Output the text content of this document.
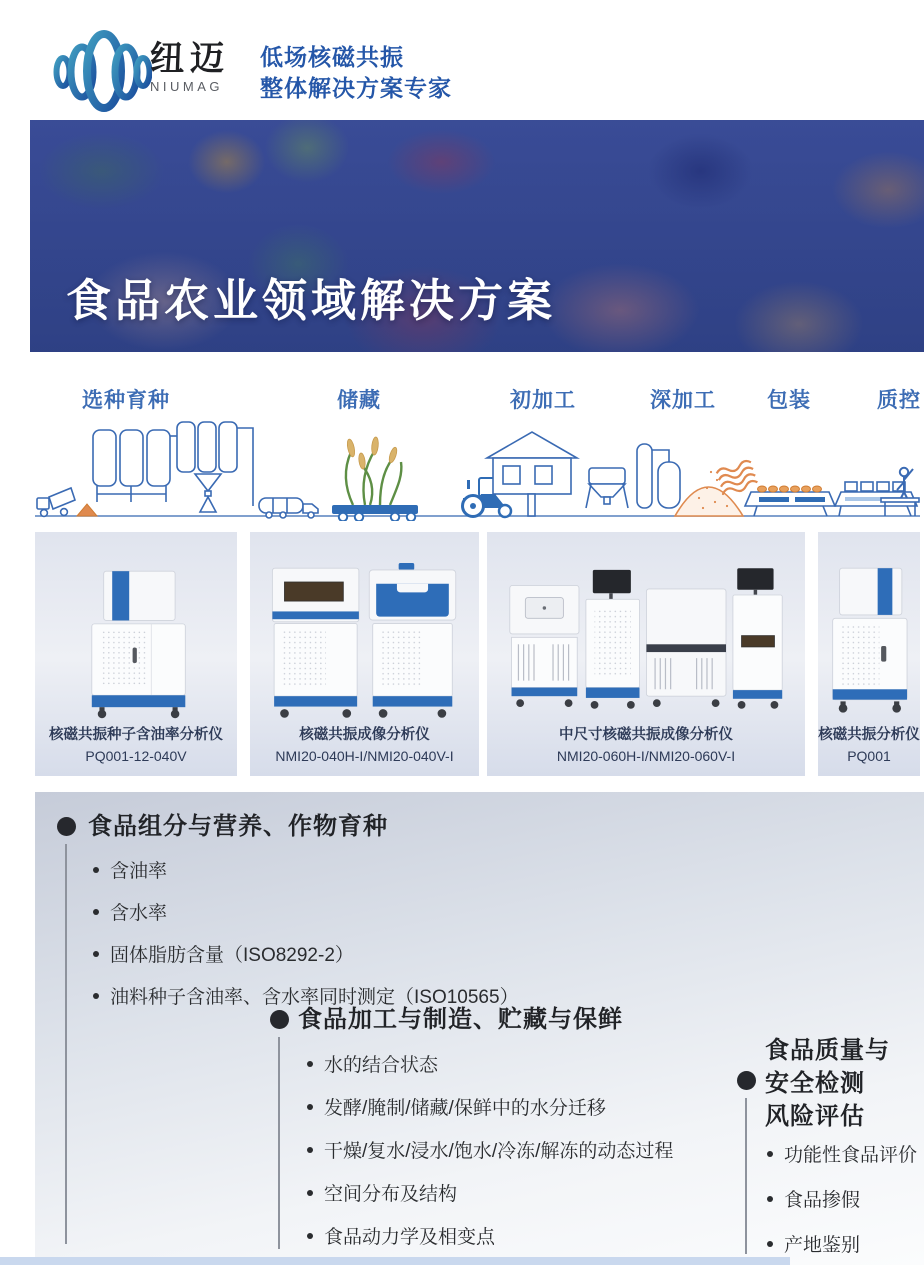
纽迈
NIUMAG
低场核磁共振
整体解决方案专家
食品农业领域解决方案
选种育种	储藏	初加工	深加工 包装	质控
核磁共振种子含油率分析仪
PQ001-12-040V
核磁共振成像分析仪
NMI20-040H-I/NMI20-040V-I
中尺寸核磁共振成像分析仪
NMI20-060H-I/NMI20-060V-I
核磁共振分析仪
PQ001
食品组分与营养、作物育种
含油率
含水率
固体脂肪含量（ISO8292-2）
油料种子含油率、含水率同时测定（ISO10565）
食品加工与制造、贮藏与保鲜
水的结合状态
发酵/腌制/储藏/保鲜中的水分迁移
干燥/复水/浸水/饱水/冷冻/解冻的动态过程
空间分布及结构
食品动力学及相变点
食品质量与
安全检测
风险评估
功能性食品评价
食品掺假
产地鉴别
